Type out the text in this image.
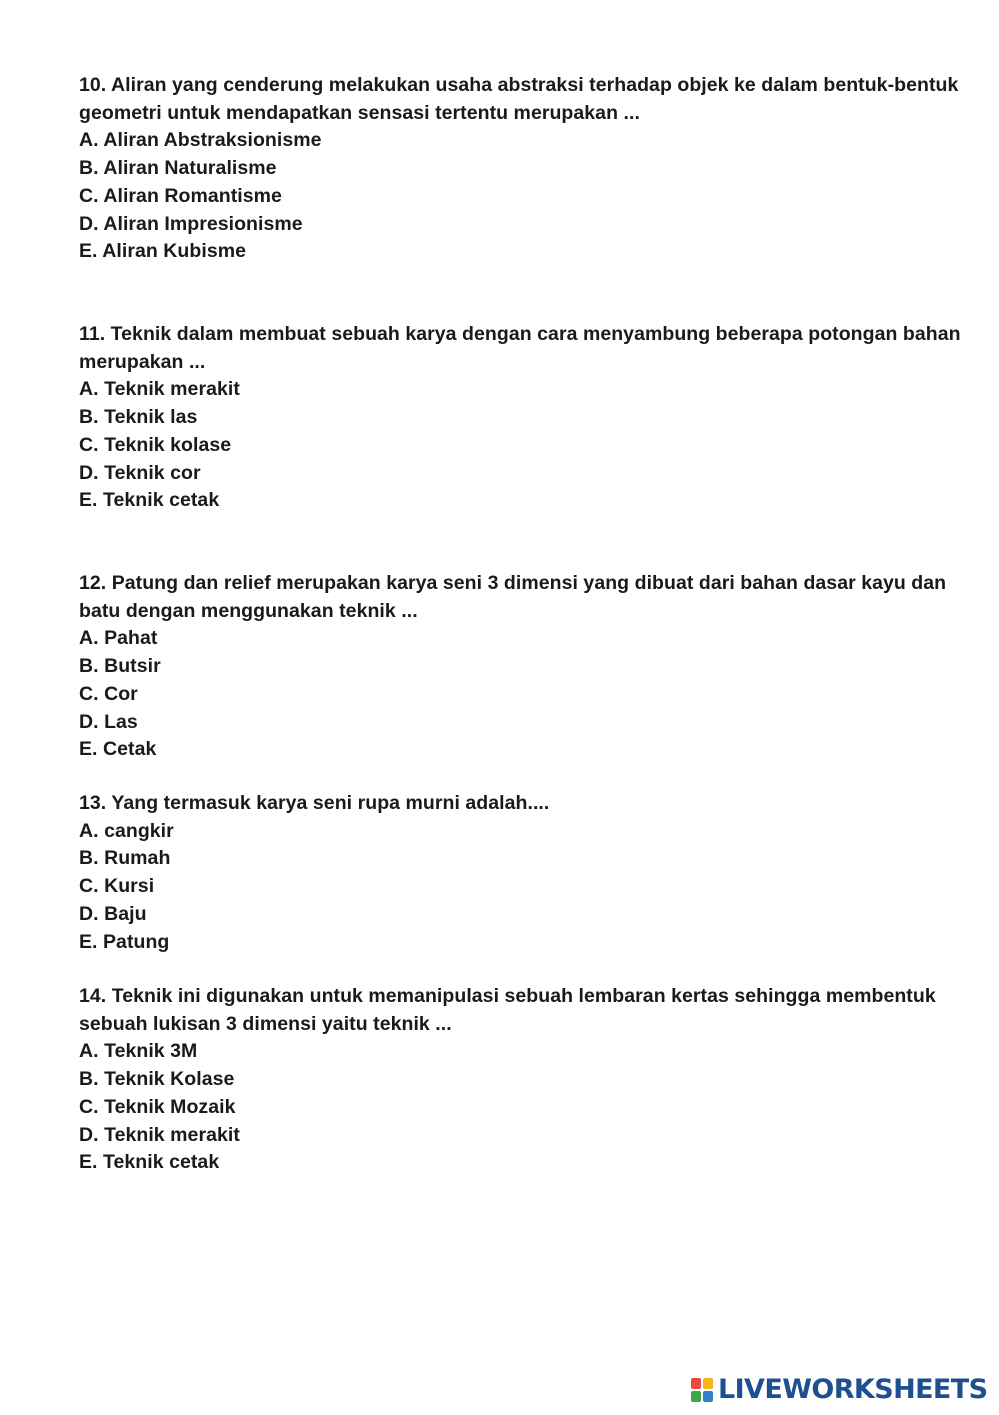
10. Aliran yang cenderung melakukan usaha abstraksi terhadap objek ke dalam bentuk-bentuk geometri untuk mendapatkan sensasi tertentu merupakan ...
A. Aliran Abstraksionisme
B. Aliran Naturalisme
C. Aliran Romantisme
D. Aliran Impresionisme
E. Aliran Kubisme
11. Teknik dalam membuat sebuah karya dengan cara menyambung beberapa potongan bahan merupakan ...
A. Teknik merakit
B. Teknik las
C. Teknik kolase
D. Teknik cor
E. Teknik cetak
12. Patung dan relief merupakan karya seni 3 dimensi yang dibuat dari bahan dasar kayu dan batu dengan menggunakan teknik ...
A. Pahat
B. Butsir
C. Cor
D. Las
E. Cetak
13. Yang termasuk karya seni rupa murni adalah....
A. cangkir
B. Rumah
C. Kursi
D. Baju
E. Patung
14. Teknik ini digunakan untuk memanipulasi sebuah lembaran kertas sehingga membentuk sebuah lukisan 3 dimensi yaitu teknik ...
A. Teknik 3M
B. Teknik Kolase
C. Teknik Mozaik
D. Teknik merakit
E. Teknik cetak
LIVEWORKSHEETS
